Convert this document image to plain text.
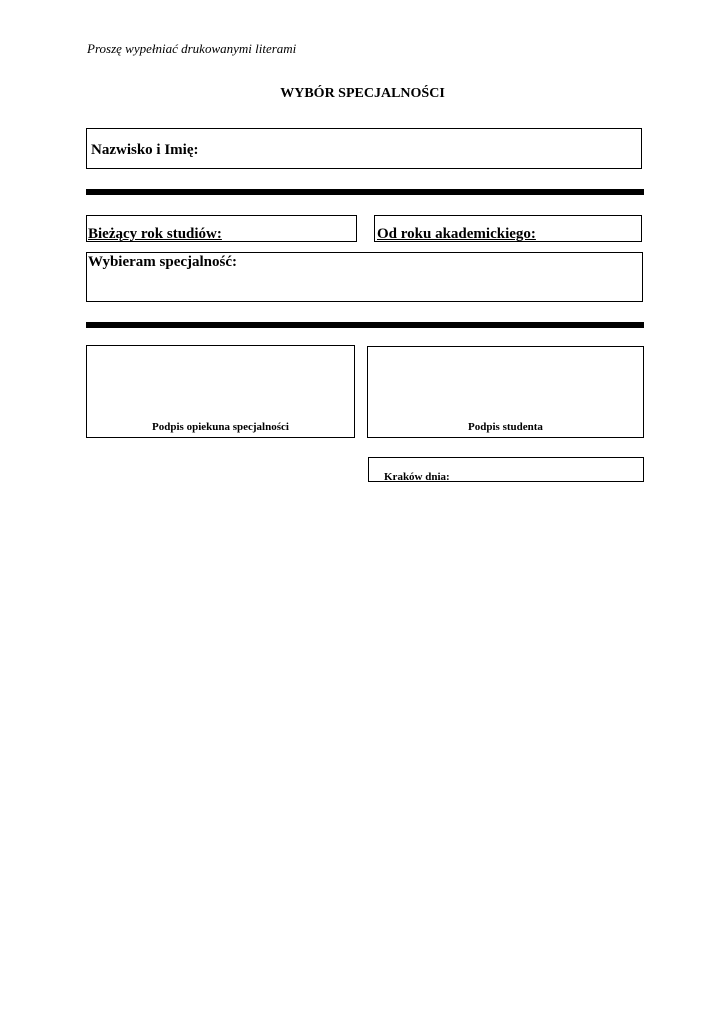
Proszę wypełniać drukowanymi literami
WYBÓR SPECJALNOŚCI
Nazwisko i Imię:
Bieżący rok studiów:	Od roku akademickiego:
Wybieram specjalność:
Podpis opiekuna specjalności	Podpis studenta
Kraków dnia:
